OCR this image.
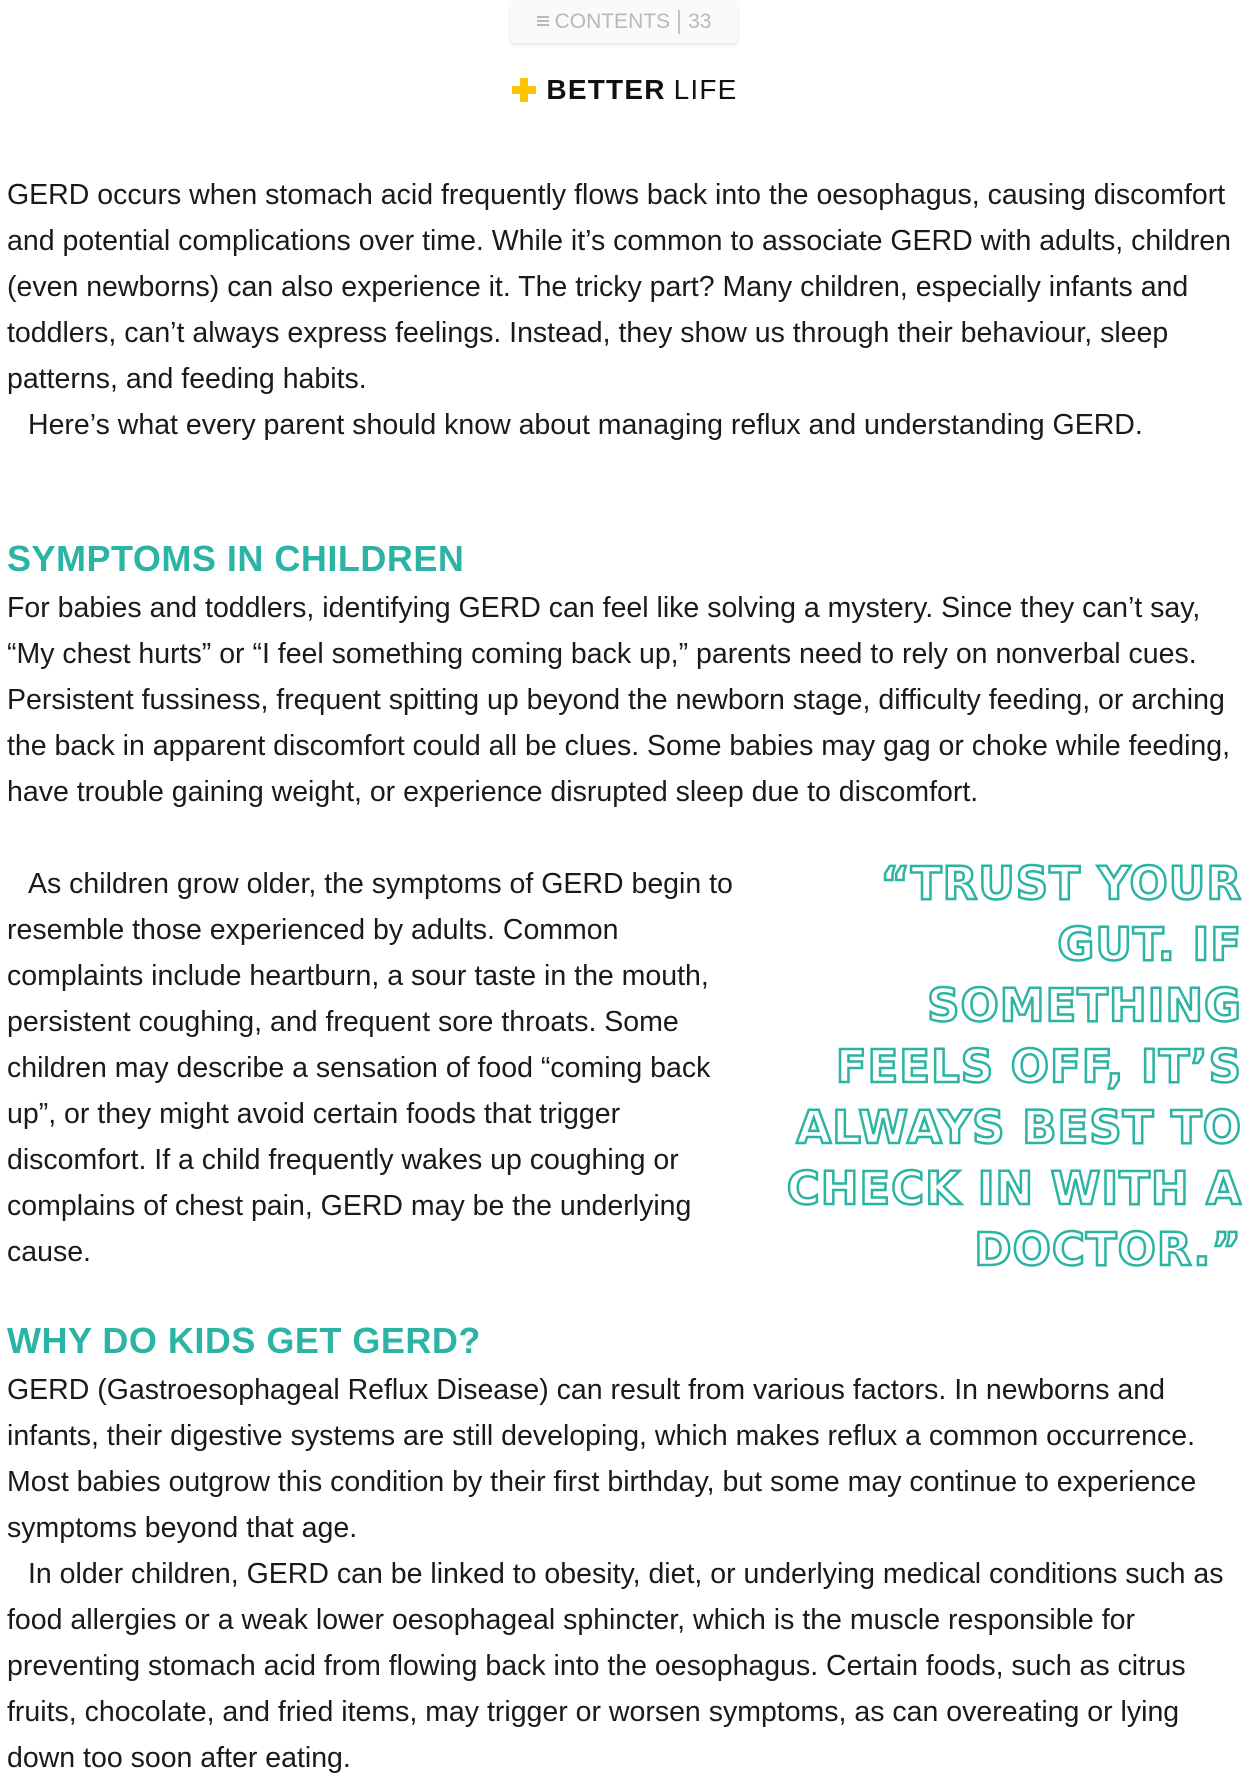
CONTENTS 33
BETTER LIFE

GERD occurs when stomach acid frequently flows back into the oesophagus, causing discomfort and potential complications over time. While it’s common to associate GERD with adults, children (even newborns) can also experience it. The tricky part? Many children, especially infants and toddlers, can’t always express feelings. Instead, they show us through their behaviour, sleep patterns, and feeding habits.

Here’s what every parent should know about managing reflux and understanding GERD.

SYMPTOMS IN CHILDREN

For babies and toddlers, identifying GERD can feel like solving a mystery. Since they can’t say, “My chest hurts” or “I feel something coming back up,” parents need to rely on nonverbal cues. Persistent fussiness, frequent spitting up beyond the newborn stage, difficulty feeding, or arching the back in apparent discomfort could all be clues. Some babies may gag or choke while feeding, have trouble gaining weight, or experience disrupted sleep due to discomfort.

As children grow older, the symptoms of GERD begin to resemble those experienced by adults. Common complaints include heartburn, a sour taste in the mouth, persistent coughing, and frequent sore throats. Some children may describe a sensation of food “coming back up”, or they might avoid certain foods that trigger discomfort. If a child frequently wakes up coughing or complains of chest pain, GERD may be the underlying cause.

“TRUST YOUR GUT. IF SOMETHING FEELS OFF, IT’S ALWAYS BEST TO CHECK IN WITH A DOCTOR.”

WHY DO KIDS GET GERD?

GERD (Gastroesophageal Reflux Disease) can result from various factors. In newborns and infants, their digestive systems are still developing, which makes reflux a common occurrence. Most babies outgrow this condition by their first birthday, but some may continue to experience symptoms beyond that age.

In older children, GERD can be linked to obesity, diet, or underlying medical conditions such as food allergies or a weak lower oesophageal sphincter, which is the muscle responsible for preventing stomach acid from flowing back into the oesophagus. Certain foods, such as citrus fruits, chocolate, and fried items, may trigger or worsen symptoms, as can overeating or lying down too soon after eating.
